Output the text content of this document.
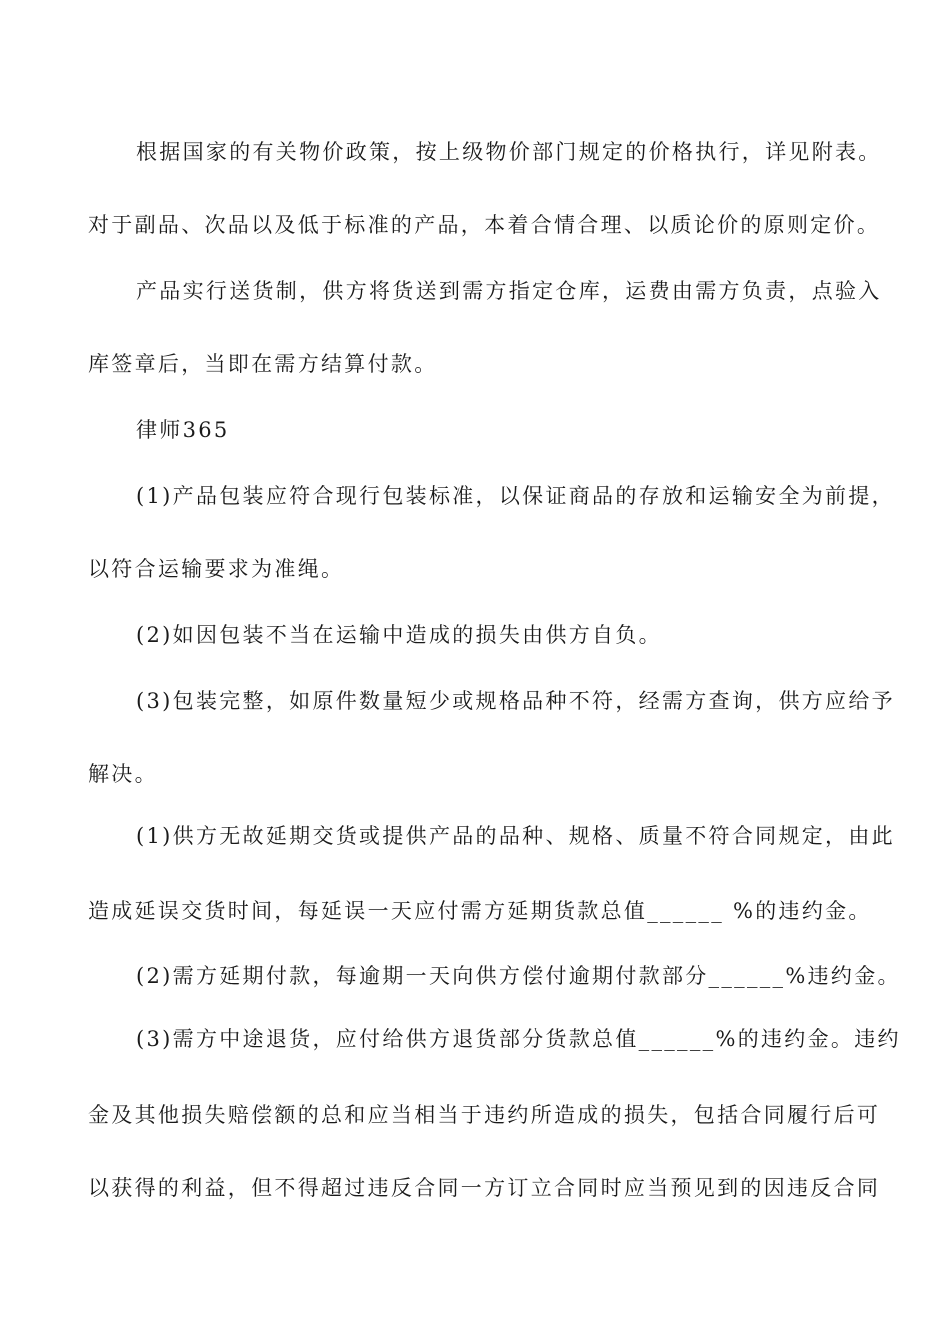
根据国家的有关物价政策，按上级物价部门规定的价格执行，详见附表。
对于副品、次品以及低于标准的产品，本着合情合理、以质论价的原则定价。
产品实行送货制，供方将货送到需方指定仓库，运费由需方负责，点验入
库签章后，当即在需方结算付款。
律师365
(1)产品包装应符合现行包装标准，以保证商品的存放和运输安全为前提，
以符合运输要求为准绳。
(2)如因包装不当在运输中造成的损失由供方自负。
(3)包装完整，如原件数量短少或规格品种不符，经需方查询，供方应给予
解决。
(1)供方无故延期交货或提供产品的品种、规格、质量不符合同规定，由此
造成延误交货时间，每延误一天应付需方延期货款总值______ %的违约金。
(2)需方延期付款，每逾期一天向供方偿付逾期付款部分______%违约金。
(3)需方中途退货，应付给供方退货部分货款总值______%的违约金。违约
金及其他损失赔偿额的总和应当相当于违约所造成的损失，包括合同履行后可
以获得的利益，但不得超过违反合同一方订立合同时应当预见到的因违反合同
